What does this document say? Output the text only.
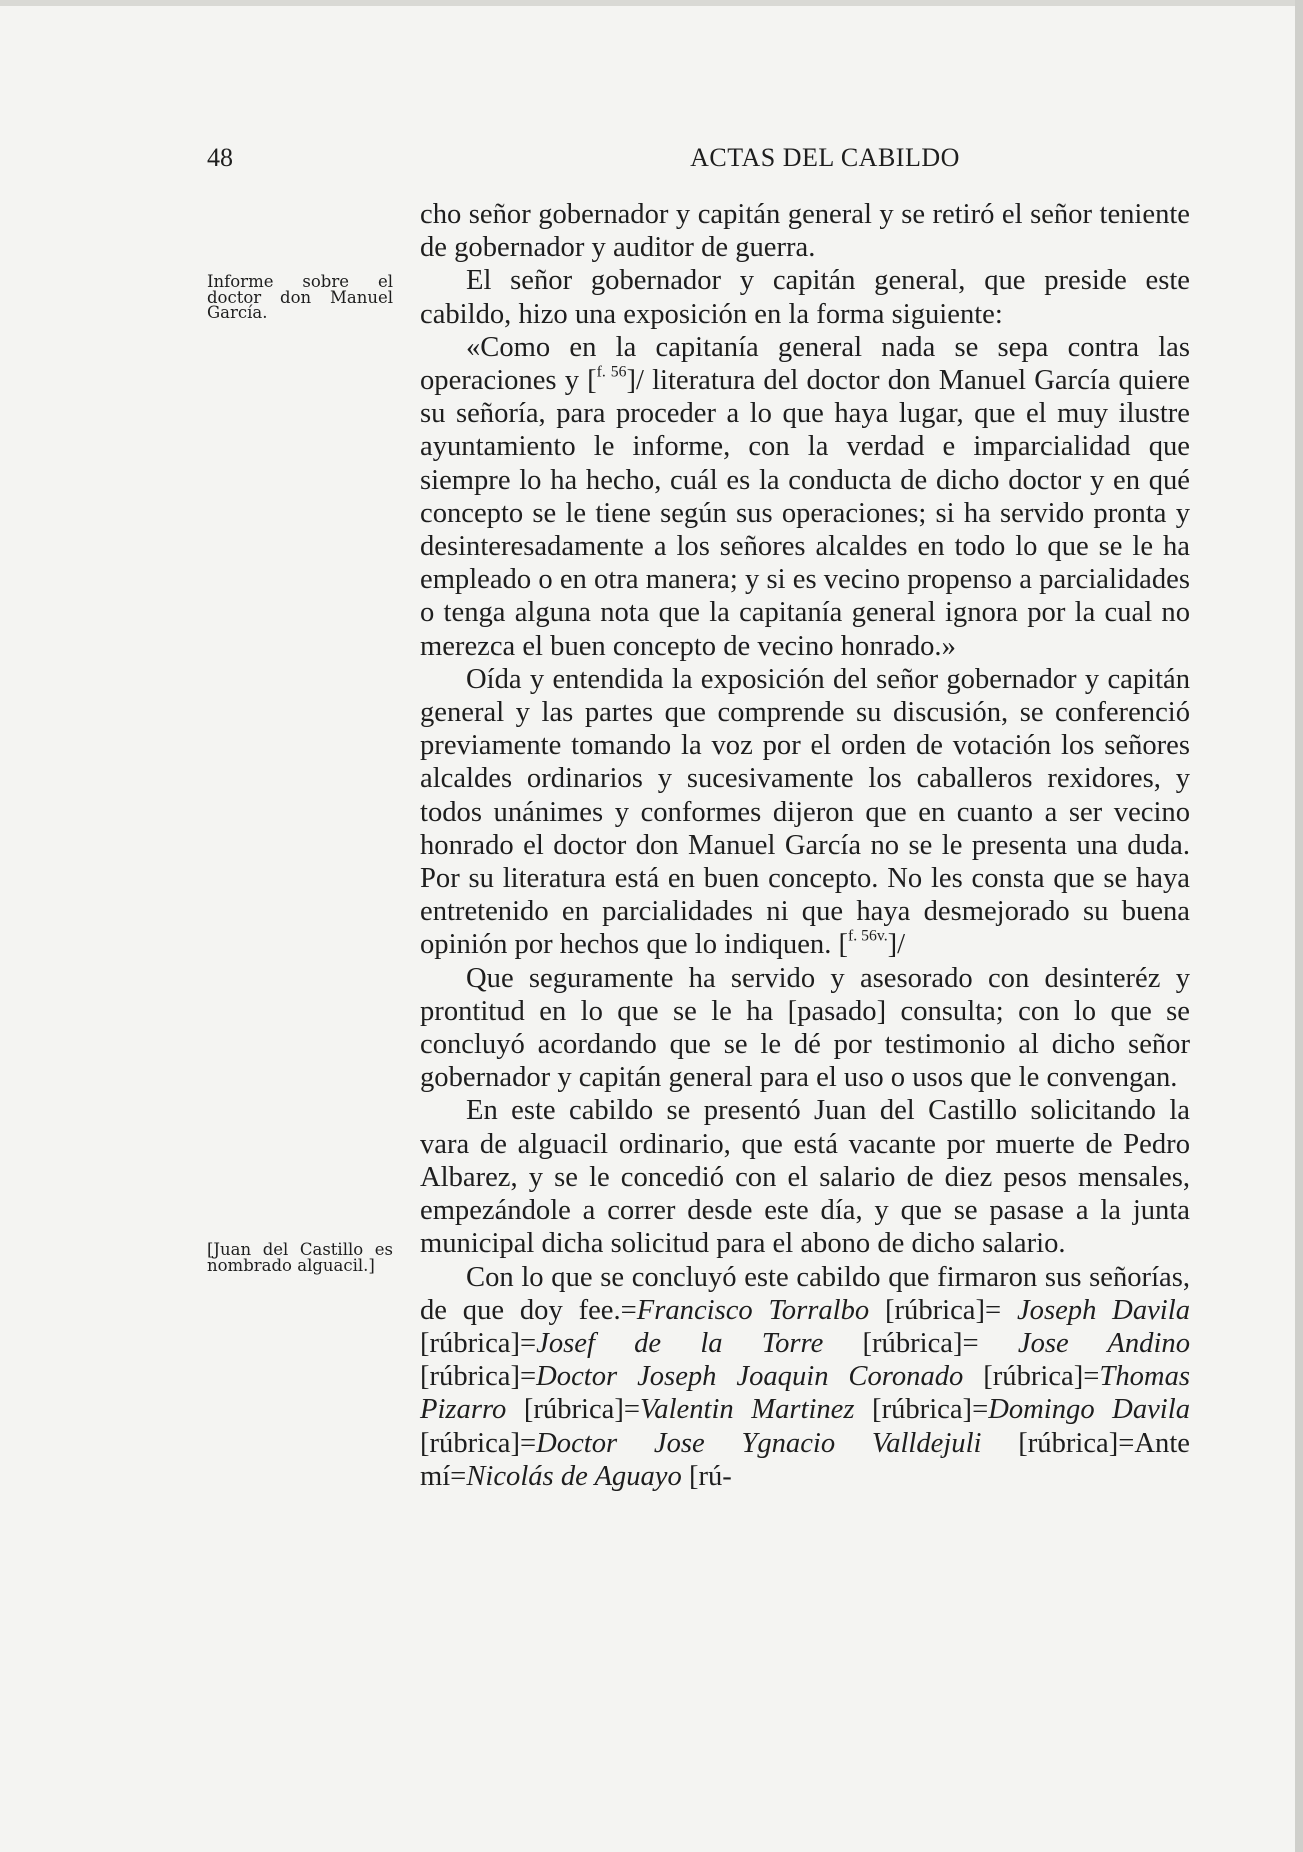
48	ACTAS DEL CABILDO
Informe sobre el doctor don Manuel García.
[Juan del Castillo es nombrado alguacil.]

cho señor gobernador y capitán general y se retiró el señor teniente de gobernador y auditor de guerra.

El señor gobernador y capitán general, que preside este cabildo, hizo una exposición en la forma siguiente:

«Como en la capitanía general nada se sepa contra las operaciones y [$^{f. 56}$]/ literatura del doctor don Manuel García quiere su señoría, para proceder a lo que haya lugar, que el muy ilustre ayuntamiento le informe, con la verdad e imparcialidad que siempre lo ha hecho, cuál es la conducta de dicho doctor y en qué concepto se le tiene según sus operaciones; si ha servido pronta y desinteresadamente a los señores alcaldes en todo lo que se le ha empleado o en otra manera; y si es vecino propenso a parcialidades o tenga alguna nota que la capitanía general ignora por la cual no merezca el buen concepto de vecino honrado.»

Oída y entendida la exposición del señor gobernador y capitán general y las partes que comprende su discusión, se conferenció previamente tomando la voz por el orden de votación los señores alcaldes ordinarios y sucesivamente los caballeros rexidores, y todos unánimes y conformes dijeron que en cuanto a ser vecino honrado el doctor don Manuel García no se le presenta una duda. Por su literatura está en buen concepto. No les consta que se haya entretenido en parcialidades ni que haya desmejorado su buena opinión por hechos que lo indiquen. [$^{f. 56v.}$]/

Que seguramente ha servido y asesorado con desinteréz y prontitud en lo que se le ha [pasado] consulta; con lo que se concluyó acordando que se le dé por testimonio al dicho señor gobernador y capitán general para el uso o usos que le convengan.

En este cabildo se presentó Juan del Castillo solicitando la vara de alguacil ordinario, que está vacante por muerte de Pedro Albarez, y se le concedió con el salario de diez pesos mensales, empezándole a correr desde este día, y que se pasase a la junta municipal dicha solicitud para el abono de dicho salario.

Con lo que se concluyó este cabildo que firmaron sus señorías, de que doy fee.=Francisco Torralbo [rúbrica]= Joseph Davila [rúbrica]=Josef de la Torre [rúbrica]= Jose Andino [rúbrica]=Doctor Joseph Joaquin Coronado [rúbrica]=Thomas Pizarro [rúbrica]=Valentin Martinez [rúbrica]=Domingo Davila [rúbrica]=Doctor Jose Ygnacio Valldejuli [rúbrica]=Ante mí=Nicolás de Aguayo [rú-
